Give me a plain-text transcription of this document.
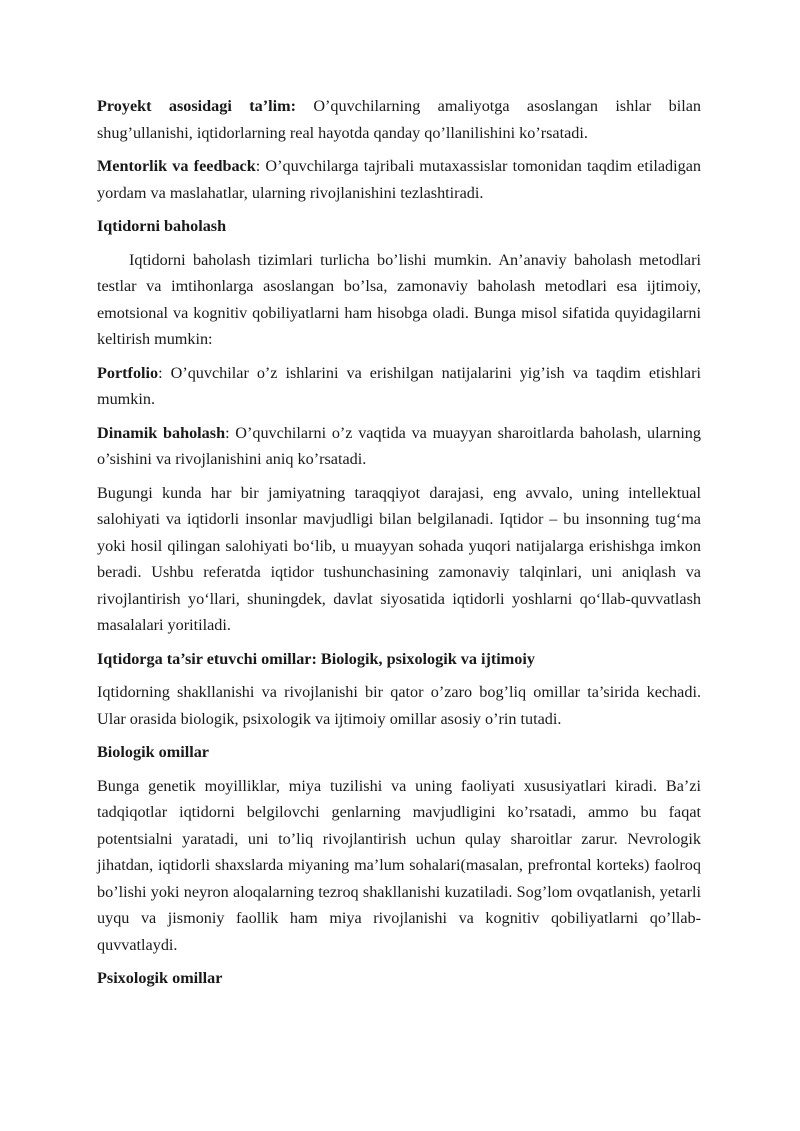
Proyekt asosidagi ta’lim: O’quvchilarning amaliyotga asoslangan ishlar bilan shug’ullanishi, iqtidorlarning real hayotda qanday qo’llanilishini ko’rsatadi.

Mentorlik va feedback: O’quvchilarga tajribali mutaxassislar tomonidan taqdim etiladigan yordam va maslahatlar, ularning rivojlanishini tezlashtiradi.

Iqtidorni baholash

Iqtidorni baholash tizimlari turlicha bo’lishi mumkin. An’anaviy baholash metodlari testlar va imtihonlarga asoslangan bo’lsa, zamonaviy baholash metodlari esa ijtimoiy, emotsional va kognitiv qobiliyatlarni ham hisobga oladi. Bunga misol sifatida quyidagilarni keltirish mumkin:

Portfolio: O’quvchilar o’z ishlarini va erishilgan natijalarini yig’ish va taqdim etishlari mumkin.

Dinamik baholash: O’quvchilarni o’z vaqtida va muayyan sharoitlarda baholash, ularning o’sishini va rivojlanishini aniq ko’rsatadi.

Bugungi kunda har bir jamiyatning taraqqiyot darajasi, eng avvalo, uning intellektual salohiyati va iqtidorli insonlar mavjudligi bilan belgilanadi. Iqtidor – bu insonning tug‘ma yoki hosil qilingan salohiyati bo‘lib, u muayyan sohada yuqori natijalarga erishishga imkon beradi. Ushbu referatda iqtidor tushunchasining zamonaviy talqinlari, uni aniqlash va rivojlantirish yo‘llari, shuningdek, davlat siyosatida iqtidorli yoshlarni qo‘llab-quvvatlash masalalari yoritiladi.

Iqtidorga ta’sir etuvchi omillar: Biologik, psixologik va ijtimoiy

Iqtidorning shakllanishi va rivojlanishi bir qator o’zaro bog’liq omillar ta’sirida kechadi. Ular orasida biologik, psixologik va ijtimoiy omillar asosiy o’rin tutadi.

Biologik omillar

Bunga genetik moyilliklar, miya tuzilishi va uning faoliyati xususiyatlari kiradi. Ba’zi tadqiqotlar iqtidorni belgilovchi genlarning mavjudligini ko’rsatadi, ammo bu faqat potentsialni yaratadi, uni to’liq rivojlantirish uchun qulay sharoitlar zarur. Nevrologik jihatdan, iqtidorli shaxslarda miyaning ma’lum sohalari(masalan, prefrontal korteks) faolroq bo’lishi yoki neyron aloqalarning tezroq shakllanishi kuzatiladi. Sog’lom ovqatlanish, yetarli uyqu va jismoniy faollik ham miya rivojlanishi va kognitiv qobiliyatlarni qo’llab-quvvatlaydi.

Psixologik omillar
